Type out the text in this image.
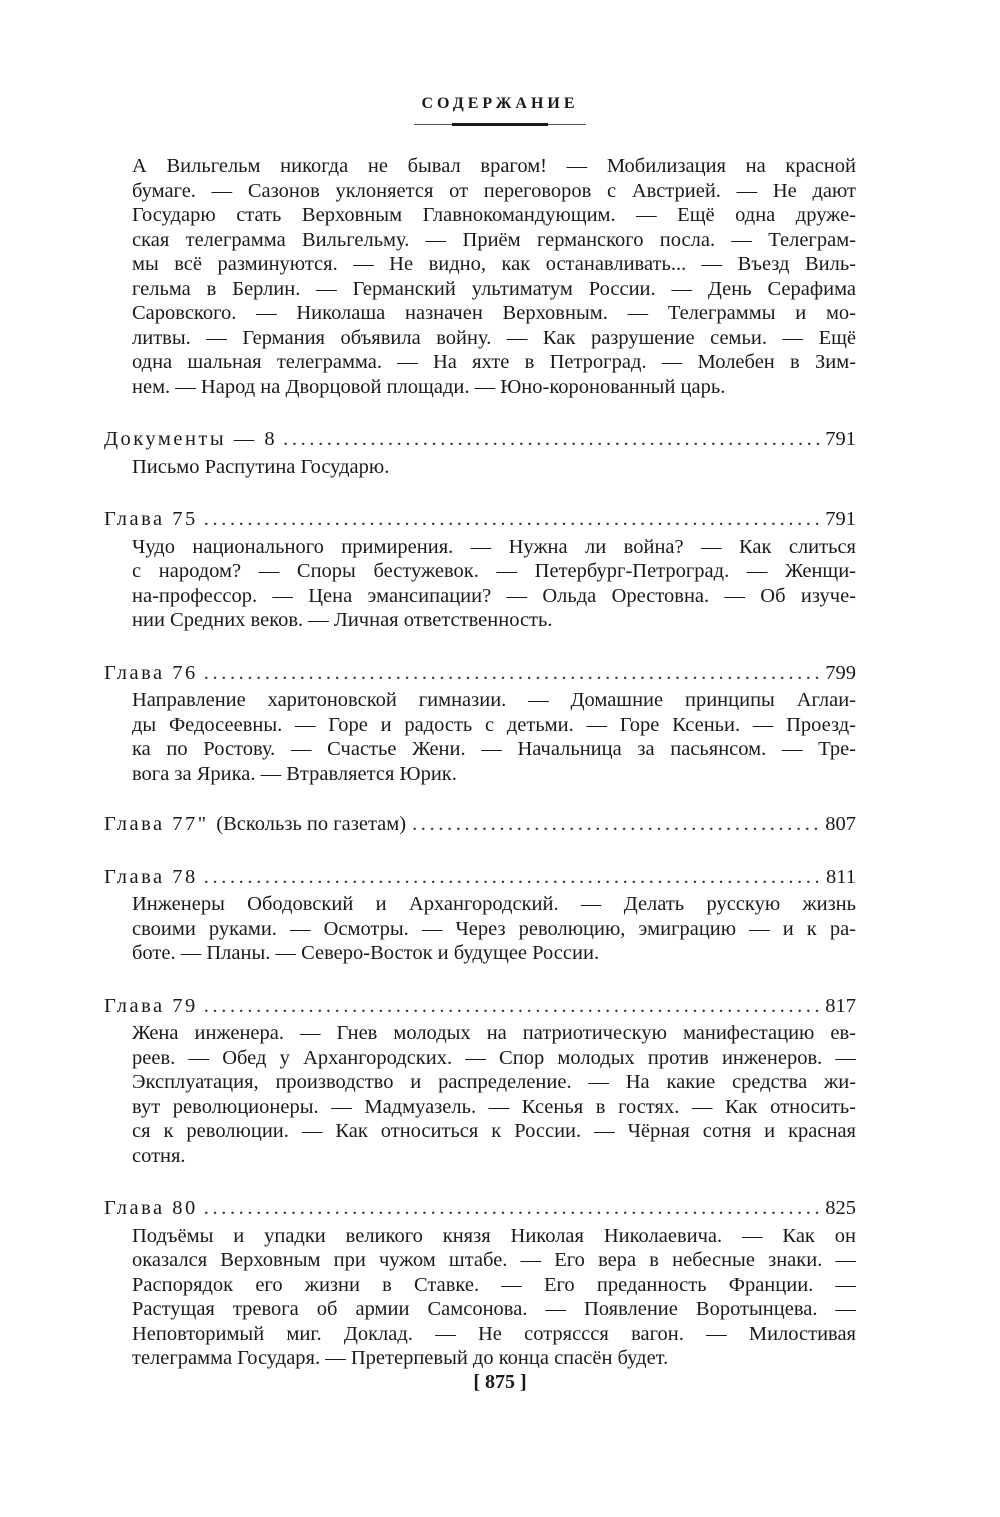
СОДЕРЖАНИЕ
А Вильгельм никогда не бывал врагом! — Мобилизация на красной
бумаге. — Сазонов уклоняется от переговоров с Австрией. — Не дают
Государю стать Верховным Главнокомандующим. — Ещё одна друже-
ская телеграмма Вильгельму. — Приём германского посла. — Телеграм-
мы всё разминуются. — Не видно, как останавливать... — Въезд Виль-
гельма в Берлин. — Германский ультиматум России. — День Серафима
Саровского. — Николаша назначен Верховным. — Телеграммы и мо-
литвы. — Германия объявила войну. — Как разрушение семьи. — Ещё
одна шальная телеграмма. — На яхте в Петроград. — Молебен в Зим-
нем. — Народ на Дворцовой площади. — Юно-коронованный царь.
Документы — 8 .....	791
Письмо Распутина Государю.
Глава 75 .....	791
Чудо национального примирения. — Нужна ли война? — Как слиться
с народом? — Споры бестужевок. — Петербург-Петроград. — Женщи-
на-профессор. — Цена эмансипации? — Ольда Орестовна. — Об изуче-
нии Средних веков. — Личная ответственность.
Глава 76 .....	799
Направление харитоновской гимназии. — Домашние принципы Аглаи-
ды Федосеевны. — Горе и радость с детьми. — Горе Ксеньи. — Проезд-
ка по Ростову. — Счастье Жени. — Начальница за пасьянсом. — Тре-
вога за Ярика. — Втравляется Юрик.
Глава 77" (Вскользь по газетам) .....	807
Глава 78 .....	811
Инженеры Ободовский и Архангородский. — Делать русскую жизнь
своими руками. — Осмотры. — Через революцию, эмиграцию — и к ра-
боте. — Планы. — Северо-Восток и будущее России.
Глава 79 .....	817
Жена инженера. — Гнев молодых на патриотическую манифестацию ев-
реев. — Обед у Архангородских. — Спор молодых против инженеров. —
Эксплуатация, производство и распределение. — На какие средства жи-
вут революционеры. — Мадмуазель. — Ксенья в гостях. — Как относить-
ся к революции. — Как относиться к России. — Чёрная сотня и красная
сотня.
Глава 80 .....	825
Подъёмы и упадки великого князя Николая Николаевича. — Как он
оказался Верховным при чужом штабе. — Его вера в небесные знаки. —
Распорядок его жизни в Ставке. — Его преданность Франции. —
Растущая тревога об армии Самсонова. — Появление Воротынцева. —
Неповторимый миг. Доклад. — Не сотряссся вагон. — Милостивая
телеграмма Государя. — Претерпевый до конца спасён будет.
[ 875 ]
